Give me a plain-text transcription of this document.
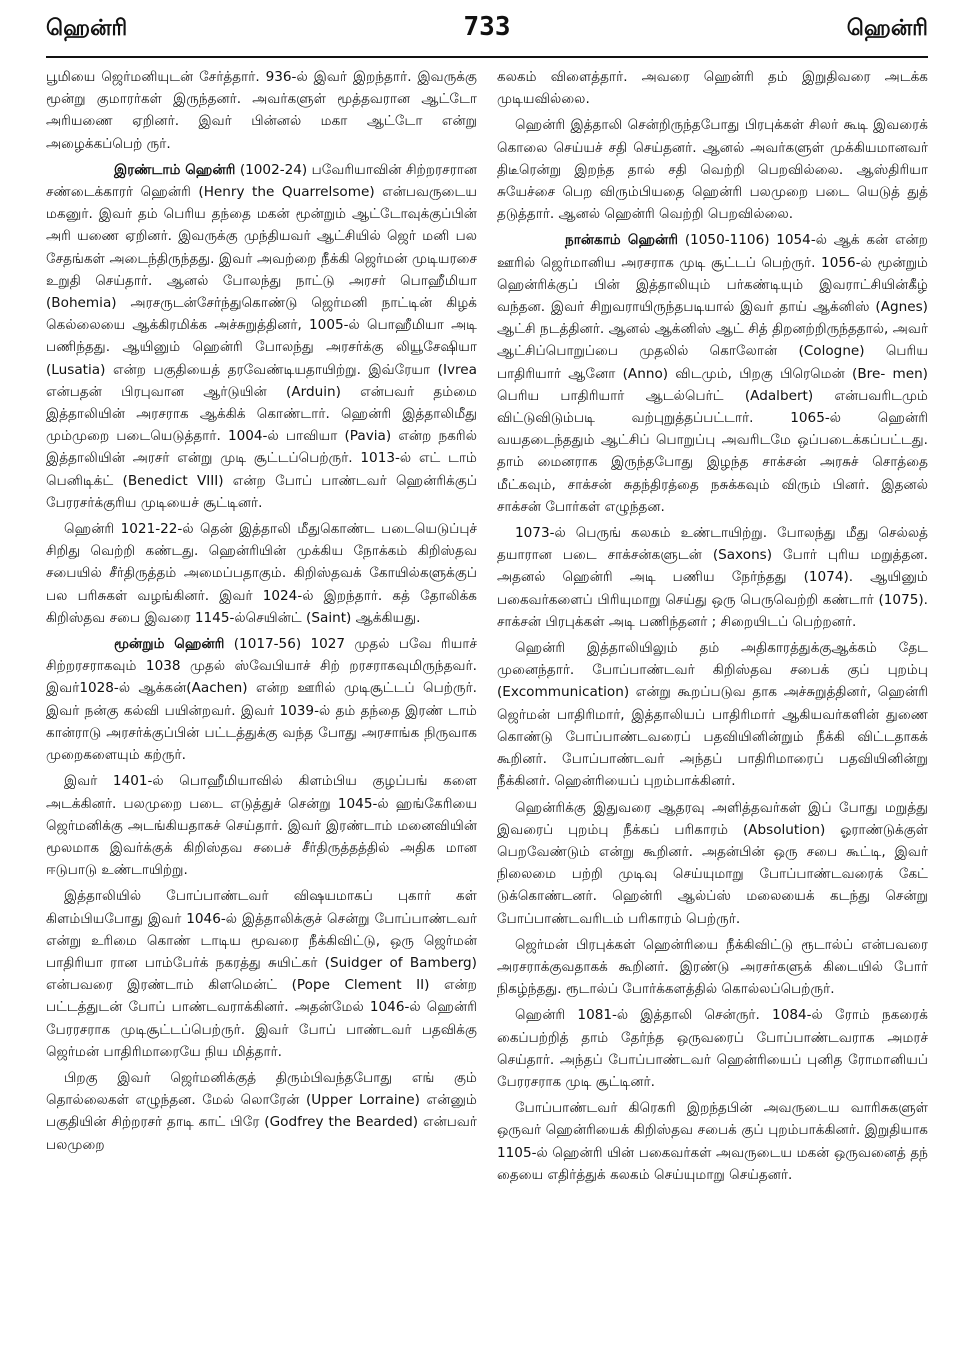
ஹென்ரி	733	ஹென்ரி

பூமியை ஜெர்மனியுடன் சேர்த்தார். 936-ல் இவர் இறந்தார். இவருக்கு மூன்று குமாரர்கள் இருந்தனர். அவர்களுள் மூத்தவரான ஆட்டோ அரியணை ஏறினர். இவர் பின்னல் மகா ஆட்டோ என்று அழைக்கப்பெற் ருர்.

இரண்டாம் ஹென்ரி (1002-24) பவேரியாவின் சிற்றரசரான சண்டைக்காரர் ஹென்ரி (Henry the Quarrelsome) என்பவருடைய மகனுர். இவர் தம் பெரிய தந்தை மகன் மூன்றும் ஆட்டோவுக்குப்பின் அரி யணை ஏறினர். இவருக்கு முந்தியவர் ஆட்சியில் ஜெர் மனி பல சேதங்கள் அடைந்திருந்தது. இவர் அவற்றை நீக்கி ஜெர்மன் முடியரசை உறுதி செய்தார். ஆனல் போலந்து நாட்டு அரசர் பொஹீமியா (Bohemia) அரசருடன்சேர்ந்துகொண்டு ஜெர்மனி நாட்டின் கிழக் கெல்லையை ஆக்கிரமிக்க அச்சுறுத்தினர், 1005-ல் பொஹீமியா அடி பணிந்தது. ஆயினும் ஹென்ரி போலந்து அரசர்க்கு லியூசேஷியா (Lusatia) என்ற பகுதியைத் தரவேண்டியதாயிற்று. இவ்ரேயா (Ivrea என்பதன் பிரபுவான ஆர்டுயின் (Arduin) என்பவர் தம்மை இத்தாலியின் அரசராக ஆக்கிக் கொண்டார். ஹென்ரி இத்தாலிமீது மும்முறை படையெடுத்தார். 1004-ல் பாவியா (Pavia) என்ற நகரில் இத்தாலியின் அரசர் என்று முடி சூட்டப்பெற்ருர். 1013-ல் எட் டாம் பெனிடிக்ட் (Benedict VIII) என்ற போப் பாண்டவர் ஹென்ரிக்குப் பேரரசர்க்குரிய முடியைச் சூட்டினர்.

ஹென்ரி 1021-22-ல் தென் இத்தாலி மீதுகொண்ட படையெடுப்புச் சிறிது வெற்றி கண்டது. ஹென்ரியின் முக்கிய நோக்கம் கிறிஸ்தவ சபையில் சீர்திருத்தம் அமைப்பதாகும். கிறிஸ்தவக் கோயில்களுக்குப் பல பரிசுகள் வழங்கினர். இவர் 1024-ல் இறந்தார். கத் தோலிக்க கிறிஸ்தவ சபை இவரை 1145-ல்செயின்ட் (Saint) ஆக்கியது.

மூன்றும் ஹென்ரி (1017-56) 1027 முதல் பவே ரியாச் சிற்றரசராகவும் 1038 முதல் ஸ்வேபியாச் சிற் றரசராகவுமிருந்தவர். இவர்1028-ல் ஆக்கன்(Aachen) என்ற ஊரில் முடிசூட்டப் பெற்ருர். இவர் நன்கு கல்வி பயின்றவர். இவர் 1039-ல் தம் தந்தை இரண் டாம் கான்ராடு அரசர்க்குப்பின் பட்டத்துக்கு வந்த போது அரசாங்க நிருவாக முறைகளையும் கற்ருர்.

இவர் 1401-ல் பொஹீமியாவில் கிளம்பிய குழப்பங் களை அடக்கினர். பலமுறை படை எடுத்துச் சென்று 1045-ல் ஹங்கேரியை ஜெர்மனிக்கு அடங்கியதாகச் செய்தார். இவர் இரண்டாம் மனைவியின் மூலமாக இவர்க்குக் கிறிஸ்தவ சபைச் சீர்திருத்தத்தில் அதிக மான ஈடுபாடு உண்டாயிற்று.

இத்தாலியில் போப்பாண்டவர் விஷயமாகப் புகார் கள் கிளம்பியபோது இவர் 1046-ல் இத்தாலிக்குச் சென்று போப்பாண்டவர் என்று உரிமை கொண் டாடிய மூவரை நீக்கிவிட்டு, ஒரு ஜெர்மன் பாதிரியா ரான பாம்பேர்க் நகரத்து சுயிட்கர் (Suidger of Bamberg) என்பவரை இரண்டாம் கிளமென்ட் (Pope Clement II) என்ற பட்டத்துடன் போப் பாண்டவராக்கினர். அதன்மேல் 1046-ல் ஹென்ரி பேரரசராக முடிசூட்டப்பெற்ருர். இவர் போப் பாண்டவர் பதவிக்கு ஜெர்மன் பாதிரிமாரையே நிய மித்தார்.

பிறகு இவர் ஜெர்மனிக்குத் திரும்பிவந்தபோது எங் கும் தொல்லைகள் எழுந்தன. மேல் லொரேன் (Upper Lorraine) என்னும் பகுதியின் சிற்றரசர் தாடி காட் பிரே (Godfrey the Bearded) என்பவர் பலமுறை

கலகம் விளைத்தார். அவரை ஹென்ரி தம் இறுதிவரை அடக்க முடியவில்லை.

ஹென்ரி இத்தாலி சென்றிருந்தபோது பிரபுக்கள் சிலர் கூடி இவரைக் கொலை செய்யச் சதி செய்தனர். ஆனல் அவர்களுள் முக்கியமானவர் திடீரென்று இறந்த தால் சதி வெற்றி பெறவில்லை. ஆஸ்திரியா சுயேச்சை பெற விரும்பியதை ஹென்ரி பலமுறை படை யெடுத் துத் தடுத்தார். ஆனல் ஹென்ரி வெற்றி பெறவில்லை.

நான்காம் ஹென்ரி (1050-1106) 1054-ல் ஆக் கன் என்ற ஊரில் ஜெர்மானிய அரசராக முடி சூட்டப் பெற்ருர். 1056-ல் மூன்றும் ஹென்ரிக்குப் பின் இத்தாலியும் பர்கண்டியும் இவராட்சியின்கீழ் வந்தன. இவர் சிறுவராயிருந்தபடியால் இவர் தாய் ஆக்னிஸ் (Agnes) ஆட்சி நடத்தினர். ஆனல் ஆக்னிஸ் ஆட் சித் திறனற்றிருந்ததால், அவர் ஆட்சிப்பொறுப்பை முதலில் கொலோன் (Cologne) பெரிய பாதிரியார் ஆனோ (Anno) விடமும், பிறகு பிரெமென் (Bre- men) பெரிய பாதிரியார் ஆடல்பெர்ட் (Adalbert) என்பவரிடமும் விட்டுவிடும்படி வற்புறுத்தப்பட்டார். 1065-ல் ஹென்ரி வயதடைந்ததும் ஆட்சிப் பொறுப்பு அவரிடமே ஒப்படைக்கப்பட்டது. தாம் மைனராக இருந்தபோது இழந்த சாக்சன் அரசுச் சொத்தை மீட்கவும், சாக்சன் சுதந்திரத்தை நசுக்கவும் விரும் பினர். இதனல் சாக்சன் போர்கள் எழுந்தன.

1073-ல் பெருங் கலகம் உண்டாயிற்று. போலந்து மீது செல்லத் தயாரான படை சாக்சன்களுடன் (Saxons) போர் புரிய மறுத்தன. அதனல் ஹென்ரி அடி பணிய நேர்ந்தது (1074). ஆயினும் பகைவர்களைப் பிரியுமாறு செய்து ஒரு பெருவெற்றி கண்டார் (1075). சாக்சன் பிரபுக்கள் அடி பணிந்தனர் ; சிறையிடப் பெற்றனர்.

ஹென்ரி இத்தாலியிலும் தம் அதிகாரத்துக்குஆக்கம் தேட முனைந்தார். போப்பாண்டவர் கிறிஸ்தவ சபைக் குப் புறம்பு (Excommunication) என்று கூறப்படுவ தாக அச்சுறுத்தினர், ஹென்ரி ஜெர்மன் பாதிரிமார், இத்தாலியப் பாதிரிமார் ஆகியவர்களின் துணை கொண்டு போப்பாண்டவரைப் பதவியினின்றும் நீக்கி விட்டதாகக் கூறினர். போப்பாண்டவர் அந்தப் பாதிரிமாரைப் பதவியினின்று நீக்கினர். ஹென்ரியைப் புறம்பாக்கினர்.

ஹென்ரிக்கு இதுவரை ஆதரவு அளித்தவர்கள் இப் போது மறுத்து இவரைப் புறம்பு நீக்கப் பரிகாரம் (Absolution) ஓராண்டுக்குள் பெறவேண்டும் என்று கூறினர். அதன்பின் ஒரு சபை கூட்டி, இவர் நிலைமை பற்றி முடிவு செய்யுமாறு போப்பாண்டவரைக் கேட் டுக்கொண்டனர். ஹென்ரி ஆல்ப்ஸ் மலையைக் கடந்து சென்று போப்பாண்டவரிடம் பரிகாரம் பெற்ருர்.

ஜெர்மன் பிரபுக்கள் ஹென்ரியை நீக்கிவிட்டு ரூடால்ப் என்பவரை அரசராக்குவதாகக் கூறினர். இரண்டு அரசர்களுக் கிடையில் போர் நிகழ்ந்தது. ரூடால்ப் போர்க்களத்தில் கொல்லப்பெற்ருர்.

ஹென்ரி 1081-ல் இத்தாலி சென்ருர். 1084-ல் ரோம் நகரைக் கைப்பற்றித் தாம் தேர்ந்த ஒருவரைப் போப்பாண்டவராக அமரச் செய்தார். அந்தப் போப்பாண்டவர் ஹென்ரியைப் புனித ரோமானியப் பேரரசராக முடி சூட்டினர்.

போப்பாண்டவர் கிரெகரி இறந்தபின் அவருடைய வாரிசுகளுள் ஒருவர் ஹென்ரியைக் கிறிஸ்தவ சபைக் குப் புறம்பாக்கினர். இறுதியாக 1105-ல் ஹென்ரி யின் பகைவர்கள் அவருடைய மகன் ஒருவனைத் தந் தையை எதிர்த்துக் கலகம் செய்யுமாறு செய்தனர்.
